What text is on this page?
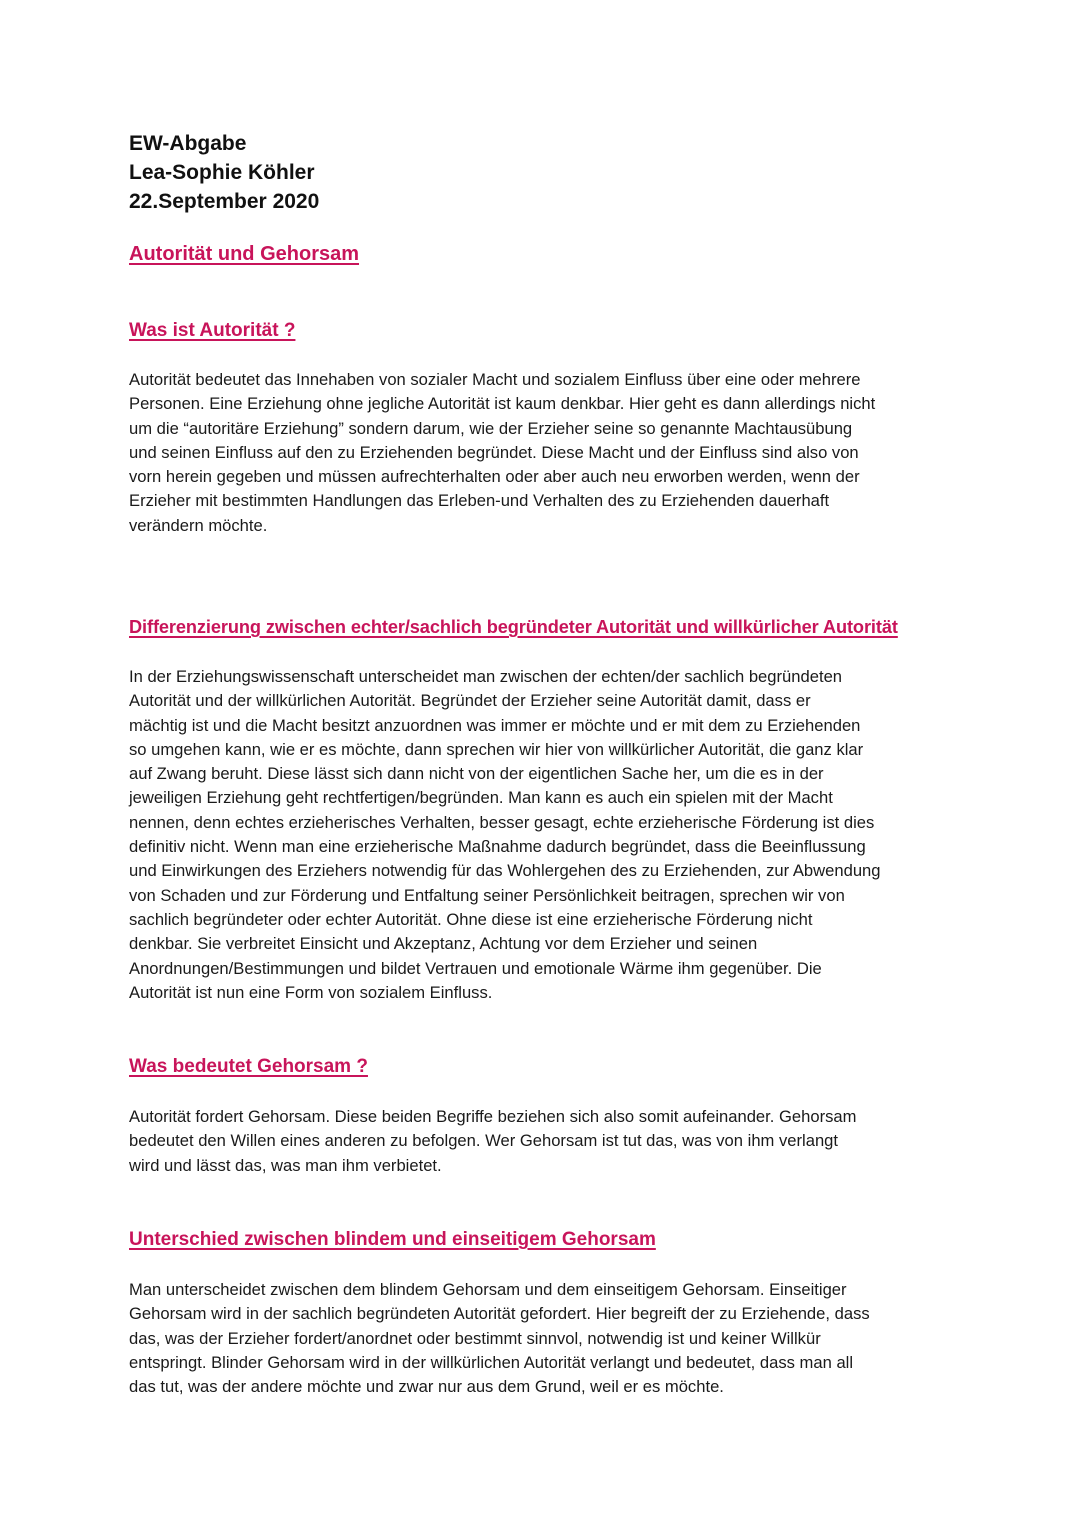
EW-Abgabe
Lea-Sophie Köhler
22.September 2020
Autorität und Gehorsam
Was ist Autorität ?
Autorität bedeutet das Innehaben von sozialer Macht und sozialem Einfluss über eine oder mehrere
Personen. Eine Erziehung ohne jegliche Autorität ist kaum denkbar. Hier geht es dann allerdings nicht
um die “autoritäre Erziehung” sondern darum, wie der Erzieher seine so genannte Machtausübung
und seinen Einfluss auf den zu Erziehenden begründet. Diese Macht und der Einfluss sind also von
vorn herein gegeben und müssen aufrechterhalten oder aber auch neu erworben werden, wenn der
Erzieher mit bestimmten Handlungen das Erleben-und Verhalten des zu Erziehenden dauerhaft
verändern möchte.
Differenzierung zwischen echter/sachlich begründeter Autorität und willkürlicher Autorität
In der Erziehungswissenschaft unterscheidet man zwischen der echten/der sachlich begründeten
Autorität und der willkürlichen Autorität. Begründet der Erzieher seine Autorität damit, dass er
mächtig ist und die Macht besitzt anzuordnen was immer er möchte und er mit dem zu Erziehenden
so umgehen kann, wie er es möchte, dann sprechen wir hier von willkürlicher Autorität, die ganz klar
auf Zwang beruht. Diese lässt sich dann nicht von der eigentlichen Sache her, um die es in der
jeweiligen Erziehung geht rechtfertigen/begründen. Man kann es auch ein spielen mit der Macht
nennen, denn echtes erzieherisches Verhalten, besser gesagt, echte erzieherische Förderung ist dies
definitiv nicht. Wenn man eine erzieherische Maßnahme dadurch begründet, dass die Beeinflussung
und Einwirkungen des Erziehers notwendig für das Wohlergehen des zu Erziehenden, zur Abwendung
von Schaden und zur Förderung und Entfaltung seiner Persönlichkeit beitragen, sprechen wir von
sachlich begründeter oder echter Autorität. Ohne diese ist eine erzieherische Förderung nicht
denkbar. Sie verbreitet Einsicht und Akzeptanz, Achtung vor dem Erzieher und seinen
Anordnungen/Bestimmungen und bildet Vertrauen und emotionale Wärme ihm gegenüber. Die
Autorität ist nun eine Form von sozialem Einfluss.
Was bedeutet Gehorsam ?
Autorität fordert Gehorsam. Diese beiden Begriffe beziehen sich also somit aufeinander. Gehorsam
bedeutet den Willen eines anderen zu befolgen. Wer Gehorsam ist tut das, was von ihm verlangt
wird und lässt das, was man ihm verbietet.
Unterschied zwischen blindem und einseitigem Gehorsam
Man unterscheidet zwischen dem blindem Gehorsam und dem einseitigem Gehorsam. Einseitiger
Gehorsam wird in der sachlich begründeten Autorität gefordert. Hier begreift der zu Erziehende, dass
das, was der Erzieher fordert/anordnet oder bestimmt sinnvol, notwendig ist und keiner Willkür
entspringt. Blinder Gehorsam wird in der willkürlichen Autorität verlangt und bedeutet, dass man all
das tut, was der andere möchte und zwar nur aus dem Grund, weil er es möchte.
